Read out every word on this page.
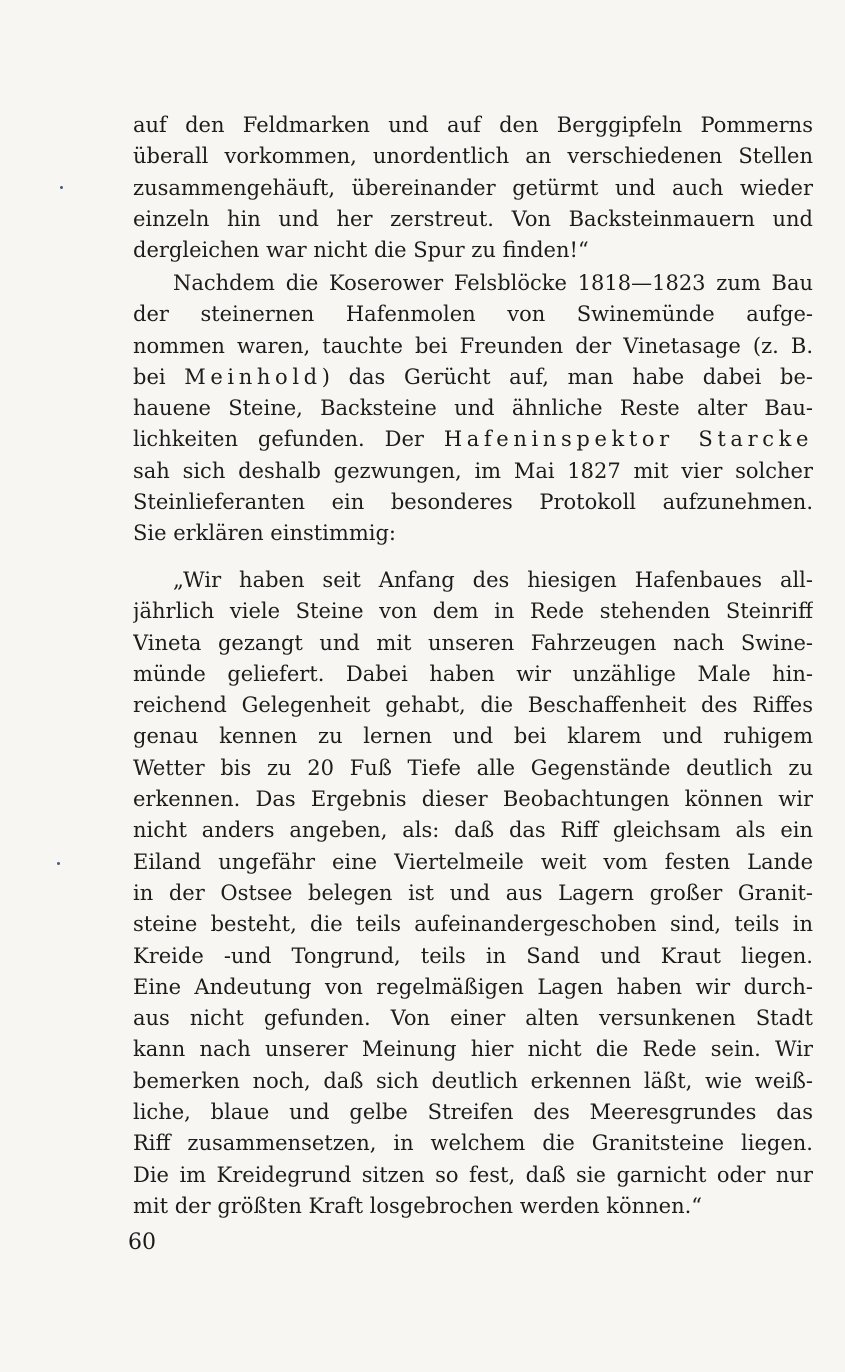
auf den Feldmarken und auf den Berggipfeln Pommerns
überall vorkommen, unordentlich an verschiedenen Stellen
zusammengehäuft, übereinander getürmt und auch wieder
einzeln hin und her zerstreut. Von Backsteinmauern und
dergleichen war nicht die Spur zu finden!“
Nachdem die Koserower Felsblöcke 1818—1823 zum Bau
der steinernen Hafenmolen von Swinemünde aufge-
nommen waren, tauchte bei Freunden der Vinetasage (z. B.
bei Meinhold) das Gerücht auf, man habe dabei be-
hauene Steine, Backsteine und ähnliche Reste alter Bau-
lichkeiten gefunden. Der Hafeninspektor Starcke
sah sich deshalb gezwungen, im Mai 1827 mit vier solcher
Steinlieferanten ein besonderes Protokoll aufzunehmen.
Sie erklären einstimmig:
„Wir haben seit Anfang des hiesigen Hafenbaues all-
jährlich viele Steine von dem in Rede stehenden Steinriff
Vineta gezangt und mit unseren Fahrzeugen nach Swine-
münde geliefert. Dabei haben wir unzählige Male hin-
reichend Gelegenheit gehabt, die Beschaffenheit des Riffes
genau kennen zu lernen und bei klarem und ruhigem
Wetter bis zu 20 Fuß Tiefe alle Gegenstände deutlich zu
erkennen. Das Ergebnis dieser Beobachtungen können wir
nicht anders angeben, als: daß das Riff gleichsam als ein
Eiland ungefähr eine Viertelmeile weit vom festen Lande
in der Ostsee belegen ist und aus Lagern großer Granit-
steine besteht, die teils aufeinandergeschoben sind, teils in
Kreide -und Tongrund, teils in Sand und Kraut liegen.
Eine Andeutung von regelmäßigen Lagen haben wir durch-
aus nicht gefunden. Von einer alten versunkenen Stadt
kann nach unserer Meinung hier nicht die Rede sein. Wir
bemerken noch, daß sich deutlich erkennen läßt, wie weiß-
liche, blaue und gelbe Streifen des Meeresgrundes das
Riff zusammensetzen, in welchem die Granitsteine liegen.
Die im Kreidegrund sitzen so fest, daß sie garnicht oder nur
mit der größten Kraft losgebrochen werden können.“
60
